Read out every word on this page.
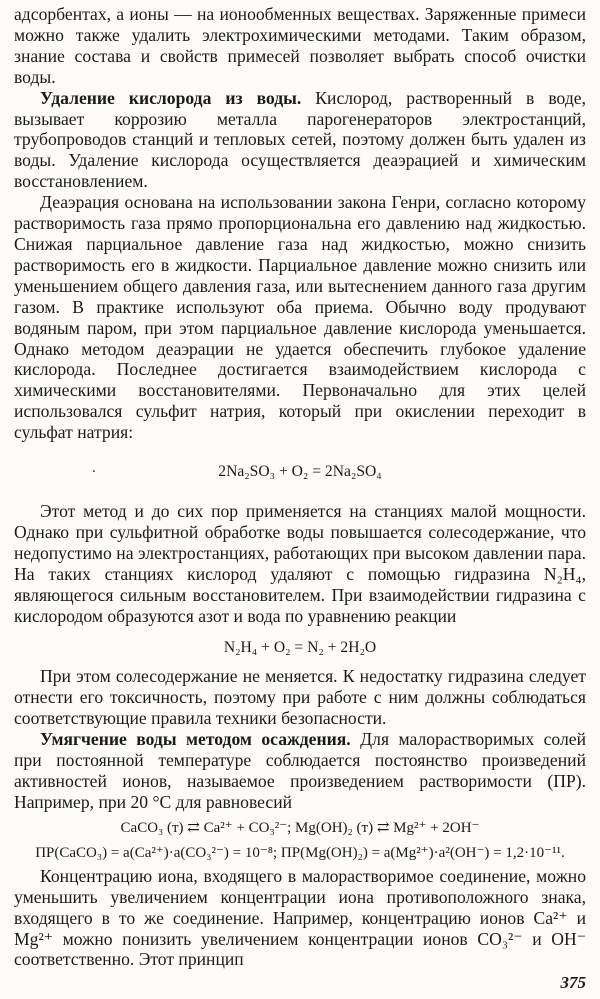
адсорбентах, а ионы — на ионообменных веществах. Заряженные примеси можно также удалить электрохимическими методами. Таким образом, знание состава и свойств примесей позволяет выбрать способ очистки воды.

Удаление кислорода из воды. Кислород, растворенный в воде, вызывает коррозию металла парогенераторов электростанций, трубопроводов станций и тепловых сетей, поэтому должен быть удален из воды. Удаление кислорода осуществляется деаэрацией и химическим восстановлением.

Деаэрация основана на использовании закона Генри, согласно которому растворимость газа прямо пропорциональна его давлению над жидкостью. Снижая парциальное давление газа над жидкостью, можно снизить растворимость его в жидкости. Парциальное давление можно снизить или уменьшением общего давления газа, или вытеснением данного газа другим газом. В практике используют оба приема. Обычно воду продувают водяным паром, при этом парциальное давление кислорода уменьшается. Однако методом деаэрации не удается обеспечить глубокое удаление кислорода. Последнее достигается взаимодействием кислорода с химическими восстановителями. Первоначально для этих целей использовался сульфит натрия, который при окислении переходит в сульфат натрия:

2Na₂SO₃ + O₂ = 2Na₂SO₄

.

Этот метод и до сих пор применяется на станциях малой мощности. Однако при сульфитной обработке воды повышается солесодержание, что недопустимо на электростанциях, работающих при высоком давлении пара. На таких станциях кислород удаляют с помощью гидразина N₂H₄, являющегося сильным восстановителем. При взаимодействии гидразина с кислородом образуются азот и вода по уравнению реакции

N₂H₄ + O₂ = N₂ + 2H₂O

При этом солесодержание не меняется. К недостатку гидразина следует отнести его токсичность, поэтому при работе с ним должны соблюдаться соответствующие правила техники безопасности.

Умягчение воды методом осаждения. Для малорастворимых солей при постоянной температуре соблюдается постоянство произведений активностей ионов, называемое произведением растворимости (ПР). Например, при 20 °С для равновесий

CaCO₃ (т) ⇄ Ca²⁺ + CO₃²⁻; Mg(OH)₂ (т) ⇄ Mg²⁺ + 2OH⁻
ПР(CaCO₃) = a(Ca²⁺)·a(CO₃²⁻) = 10⁻⁸; ПР(Mg(OH)₂) = a(Mg²⁺)·a²(OH⁻) = 1,2·10⁻¹¹.

Концентрацию иона, входящего в малорастворимое соединение, можно уменьшить увеличением концентрации иона противоположного знака, входящего в то же соединение. Например, концентрацию ионов Ca²⁺ и Mg²⁺ можно понизить увеличением концентрации ионов CO₃²⁻ и OH⁻ соответственно. Этот принцип

375
